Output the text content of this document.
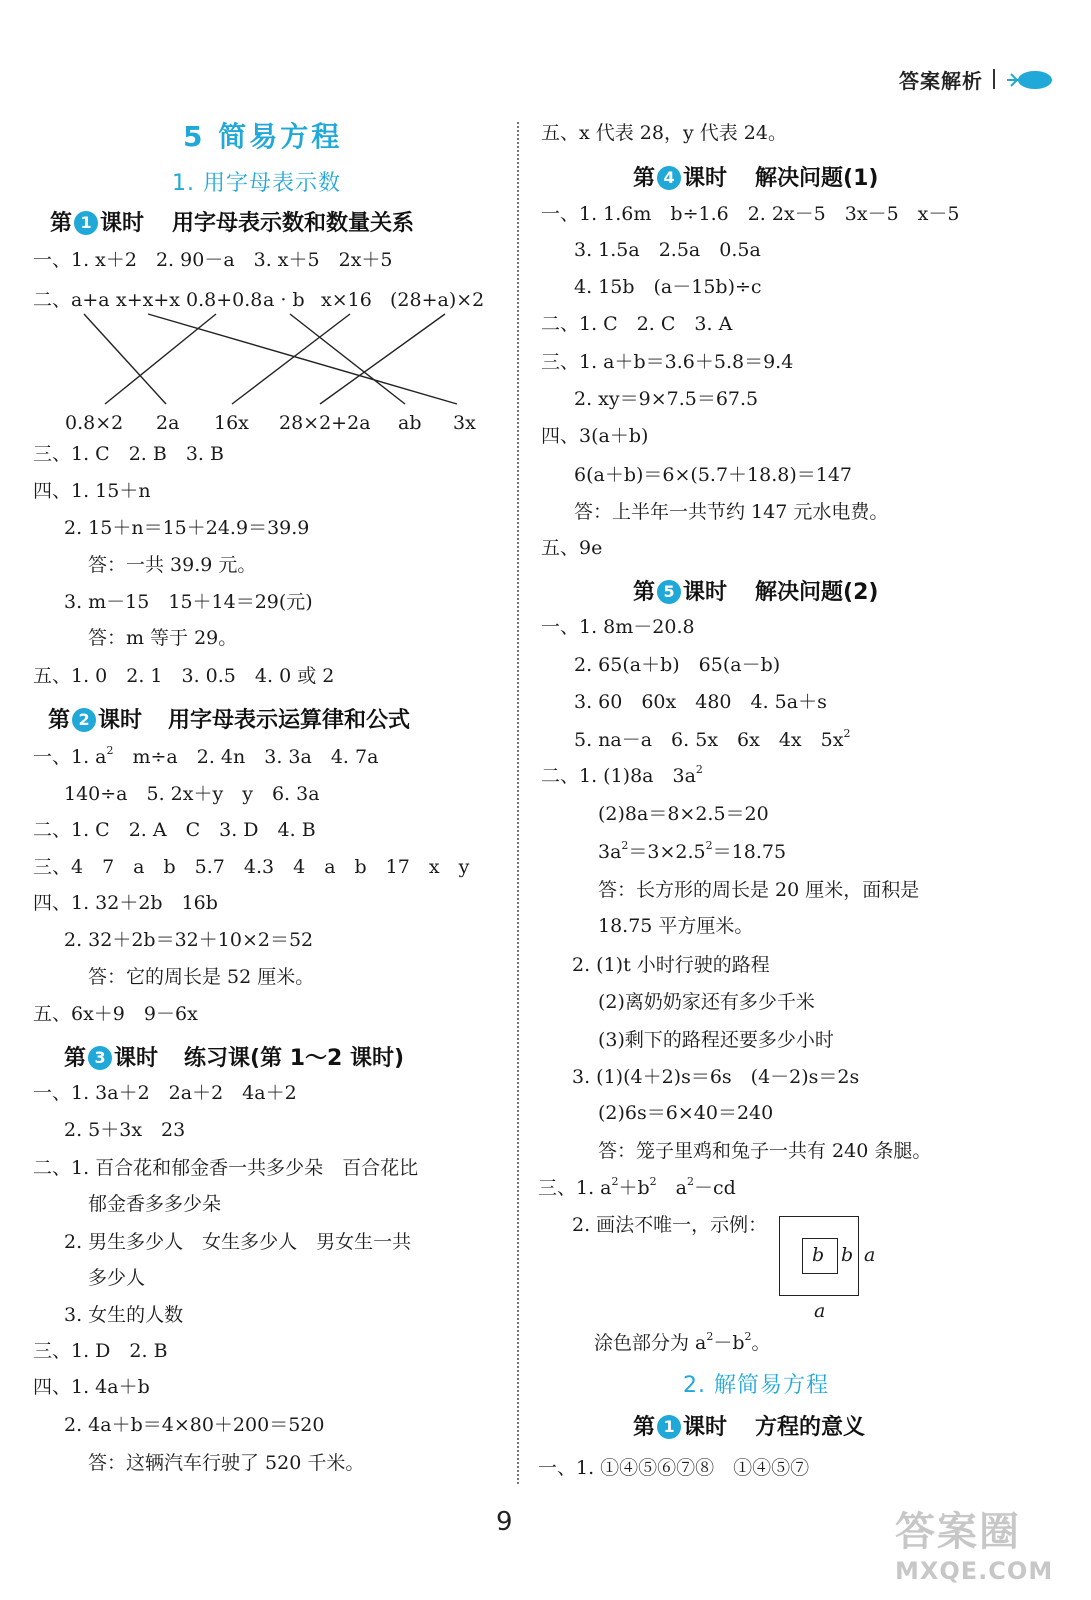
答案解析
5 简易方程
1. 用字母表示数
第 1 课时 用字母表示数和数量关系
一、1. x＋2　2. 90－a　3. x＋5　2x＋5
二、a+a x+x+x 0.8+0.8 a · b x×16 (28+a)×2
0.8×2 2a 16x 28×2+2a ab 3x
三、1. C　2. B　3. B
四、1. 15＋n
2. 15＋n＝15＋24.9＝39.9
答：一共 39.9 元。
3. m－15　15＋14＝29(元)
答：m 等于 29。
五、1. 0　2. 1　3. 0.5　4. 0 或 2
第 2 课时 用字母表示运算律和公式
一、1. $a^2$　m÷a　2. 4n　3. 3a　4. 7a
140÷a　5. 2x＋y　y　6. 3a
二、1. C　2. A　C　3. D　4. B
三、4　7　a　b　5.7　4.3　4　a　b　17　x　y
四、1. 32＋2b　16b
2. 32＋2b＝32＋10×2＝52
答：它的周长是 52 厘米。
五、6x＋9　9－6x
第 3 课时 练习课(第 1～2 课时)
一、1. 3a＋2　2a＋2　4a＋2
2. 5＋3x　23
二、1. 百合花和郁金香一共多少朵　百合花比
郁金香多多少朵
2. 男生多少人　女生多少人　男女生一共
多少人
3. 女生的人数
三、1. D　2. B
四、1. 4a＋b
2. 4a＋b＝4×80＋200＝520
答：这辆汽车行驶了 520 千米。
五、x 代表 28，y 代表 24。
第 4 课时 解决问题(1)
一、1. 1.6m　b÷1.6　2. 2x－5　3x－5　x－5
3. 1.5a　2.5a　0.5a
4. 15b　(a－15b)÷c
二、1. C　2. C　3. A
三、1. a＋b＝3.6＋5.8＝9.4
2. xy＝9×7.5＝67.5
四、3(a＋b)
6(a＋b)＝6×(5.7＋18.8)＝147
答：上半年一共节约 147 元水电费。
五、9e
第 5 课时 解决问题(2)
一、1. 8m－20.8
2. 65(a＋b)　65(a－b)
3. 60　60x　480　4. 5a＋s
5. na－a　6. 5x　6x　4x　$5x^2$
二、1. (1)8a　$3a^2$
(2)8a＝8×2.5＝20
$3a^2=3\times 2.5^2=18.75$
答：长方形的周长是 20 厘米，面积是
18.75 平方厘米。
2. (1)t 小时行驶的路程
(2)离奶奶家还有多少千米
(3)剩下的路程还要多少小时
3. (1)(4＋2)s＝6s　(4－2)s＝2s
(2)6s＝6×40＝240
答：笼子里鸡和兔子一共有 240 条腿。
三、1. $a^2+b^2$　$a^2-cd$
2. 画法不唯一，示例：
b b a
a
涂色部分为 $a^2-b^2$。
2. 解简易方程
第 1 课时 方程的意义
一、1. ①④⑤⑥⑦⑧　①④⑤⑦
9	答案圈
MXQE.COM
